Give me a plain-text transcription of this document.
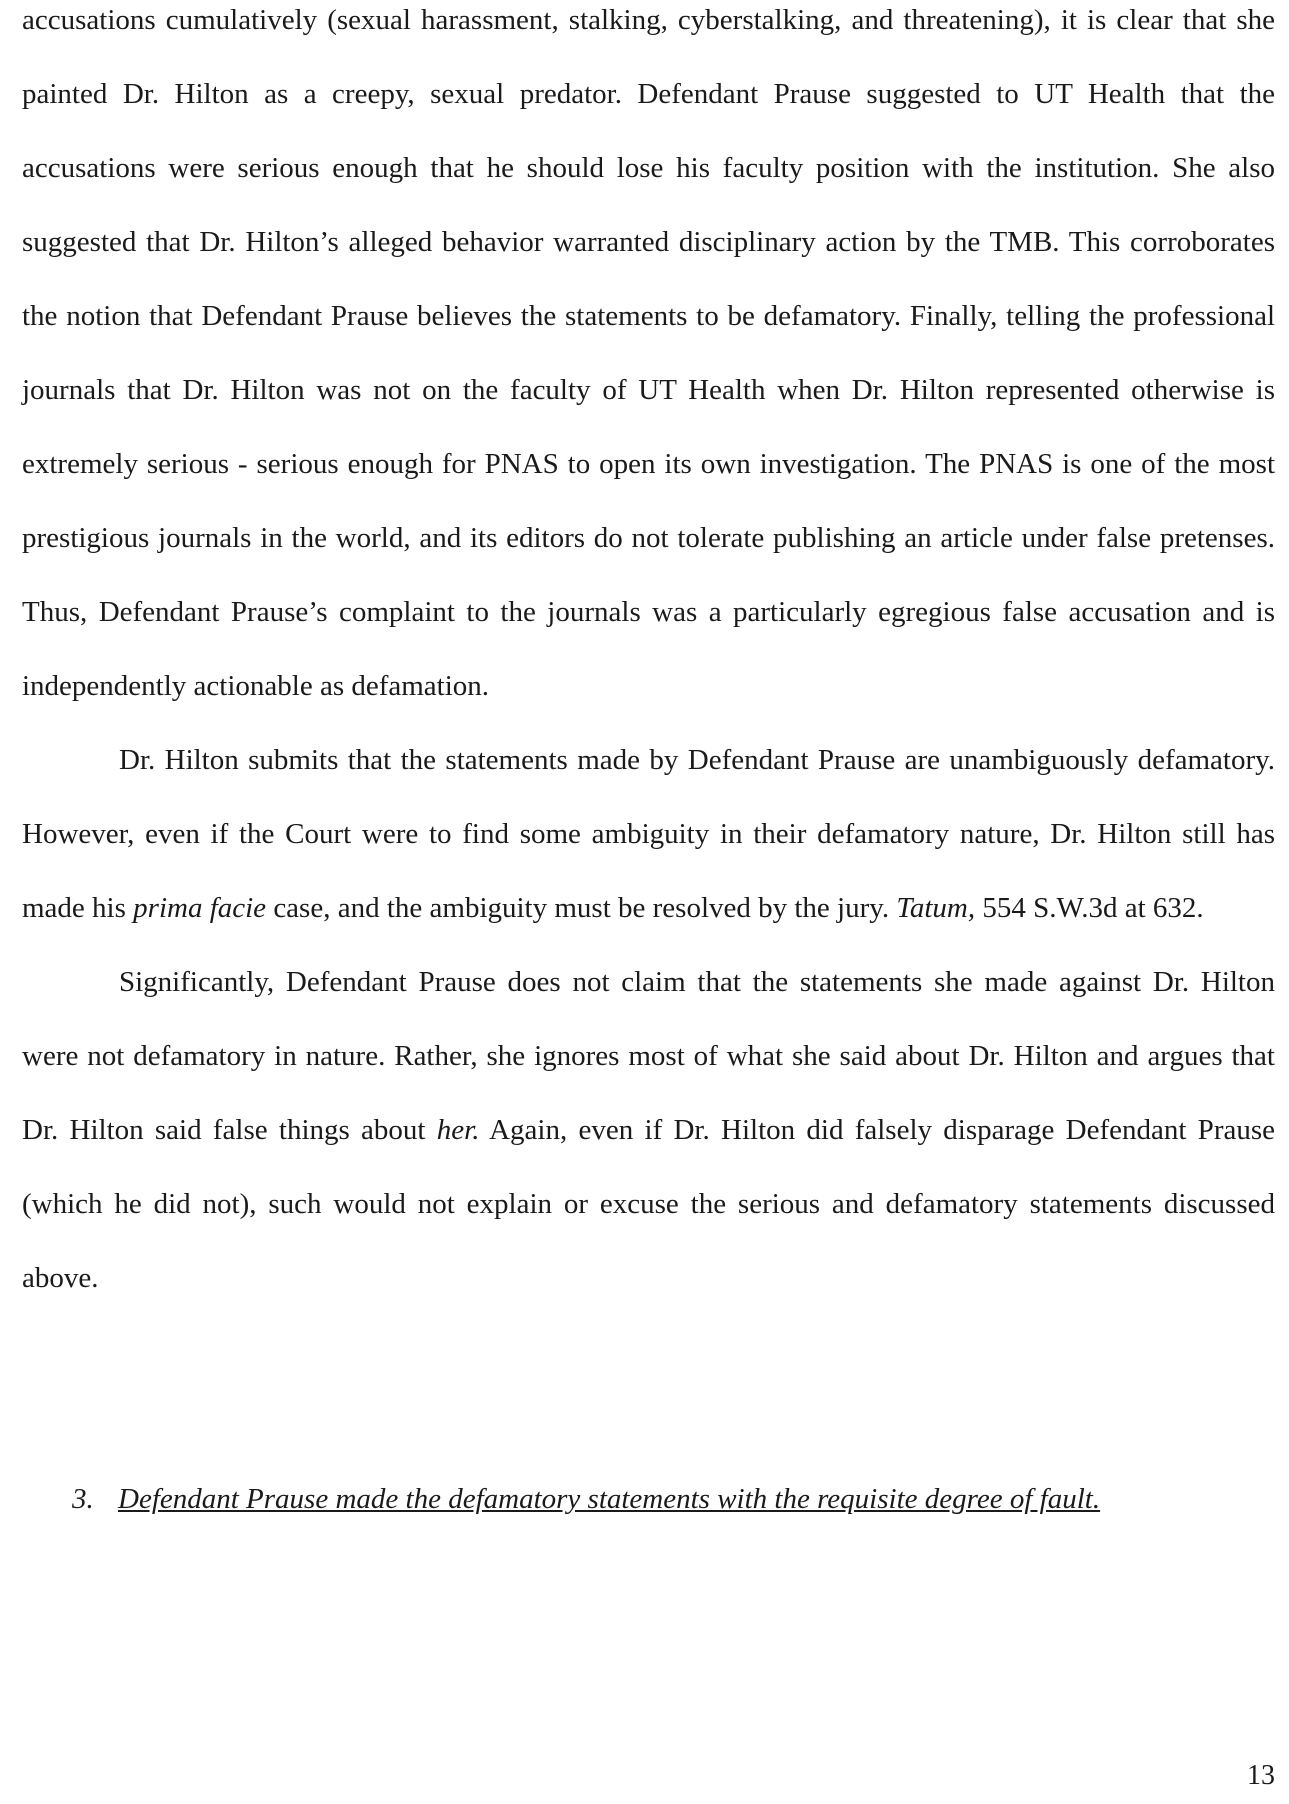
accusations cumulatively (sexual harassment, stalking, cyberstalking, and threatening), it is clear that she painted Dr. Hilton as a creepy, sexual predator. Defendant Prause suggested to UT Health that the accusations were serious enough that he should lose his faculty position with the institution. She also suggested that Dr. Hilton’s alleged behavior warranted disciplinary action by the TMB. This corroborates the notion that Defendant Prause believes the statements to be defamatory. Finally, telling the professional journals that Dr. Hilton was not on the faculty of UT Health when Dr. Hilton represented otherwise is extremely serious - serious enough for PNAS to open its own investigation. The PNAS is one of the most prestigious journals in the world, and its editors do not tolerate publishing an article under false pretenses. Thus, Defendant Prause’s complaint to the journals was a particularly egregious false accusation and is independently actionable as defamation.

Dr. Hilton submits that the statements made by Defendant Prause are unambiguously defamatory. However, even if the Court were to find some ambiguity in their defamatory nature, Dr. Hilton still has made his prima facie case, and the ambiguity must be resolved by the jury. Tatum, 554 S.W.3d at 632.

Significantly, Defendant Prause does not claim that the statements she made against Dr. Hilton were not defamatory in nature. Rather, she ignores most of what she said about Dr. Hilton and argues that Dr. Hilton said false things about her. Again, even if Dr. Hilton did falsely disparage Defendant Prause (which he did not), such would not explain or excuse the serious and defamatory statements discussed above.

3. Defendant Prause made the defamatory statements with the requisite degree of fault.
13
